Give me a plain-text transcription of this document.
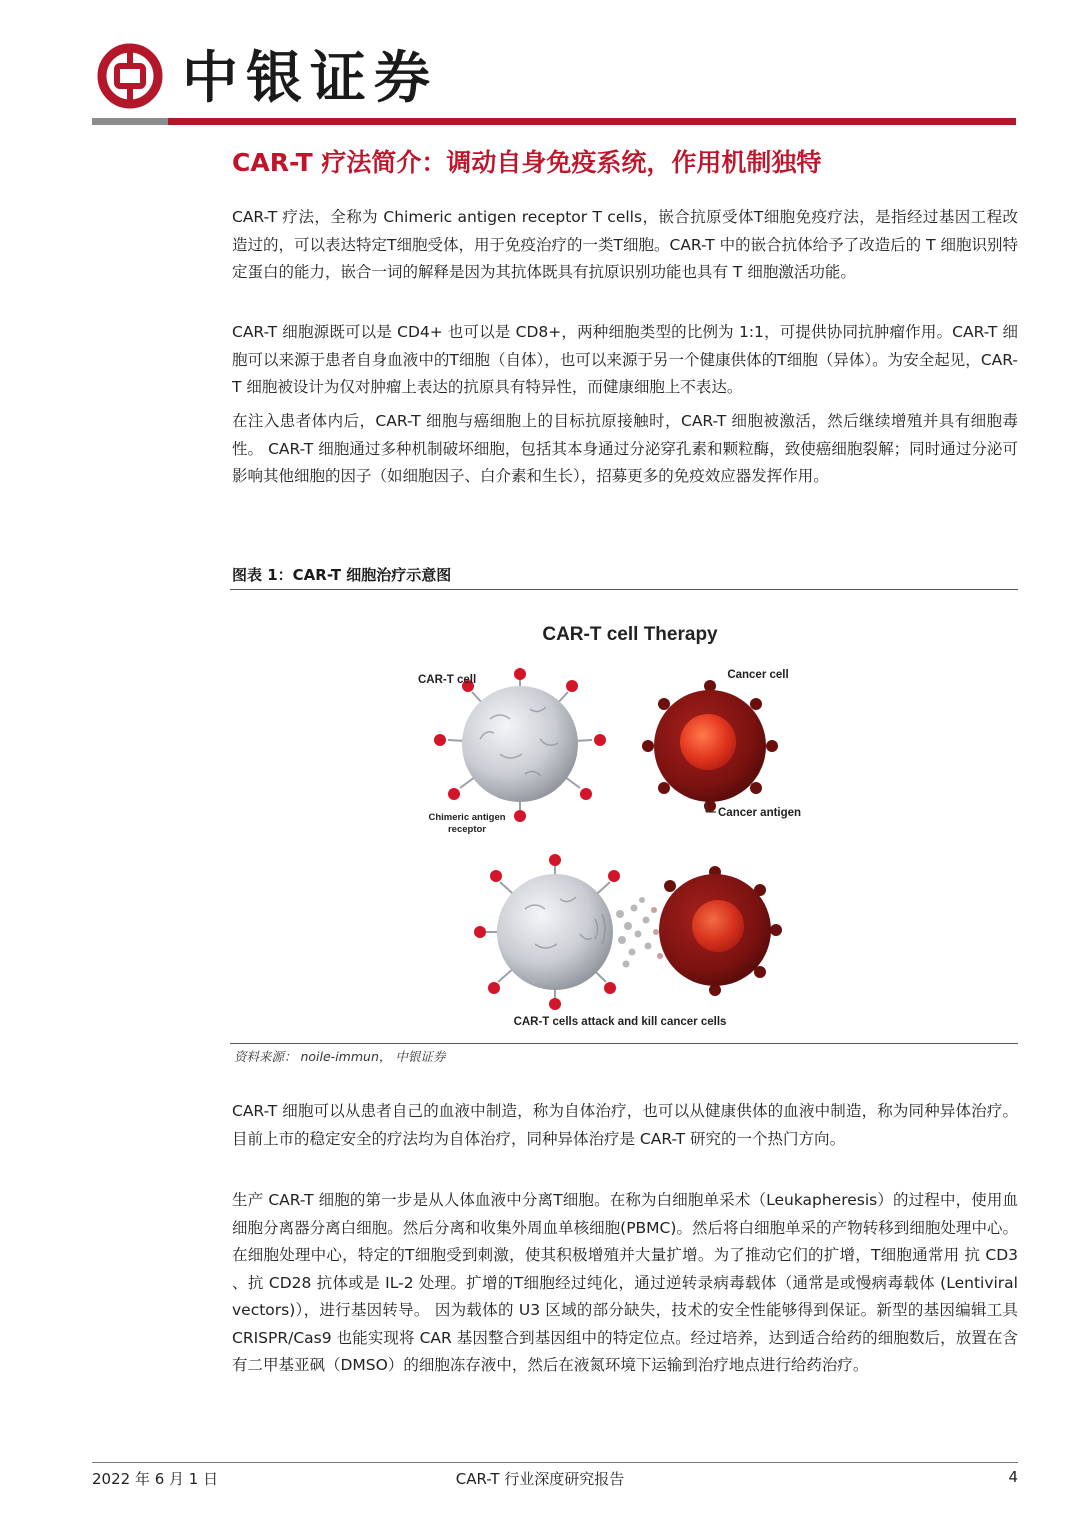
中银证券
CAR-T 疗法简介：调动自身免疫系统，作用机制独特

CAR-T 疗法，全称为 Chimeric antigen receptor T cells，嵌合抗原受体T细胞免疫疗法，是指经过基因工程改造过的，可以表达特定T细胞受体，用于免疫治疗的一类T细胞。CAR-T 中的嵌合抗体给予了改造后的 T 细胞识别特定蛋白的能力，嵌合一词的解释是因为其抗体既具有抗原识别功能也具有 T 细胞激活功能。

CAR-T 细胞源既可以是 CD4+ 也可以是 CD8+，两种细胞类型的比例为 1:1，可提供协同抗肿瘤作用。CAR-T 细胞可以来源于患者自身血液中的T细胞（自体），也可以来源于另一个健康供体的T细胞（异体）。为安全起见，CAR-T 细胞被设计为仅对肿瘤上表达的抗原具有特异性，而健康细胞上不表达。

在注入患者体内后，CAR-T 细胞与癌细胞上的目标抗原接触时，CAR-T 细胞被激活，然后继续增殖并具有细胞毒性。 CAR-T 细胞通过多种机制破坏细胞，包括其本身通过分泌穿孔素和颗粒酶，致使癌细胞裂解；同时通过分泌可影响其他细胞的因子（如细胞因子、白介素和生长），招募更多的免疫效应器发挥作用。

图表 1：CAR-T 细胞治疗示意图
CAR-T cell Therapy
CAR-T cell
Chimeric antigen
receptor
Cancer cell
Cancer antigen
CAR-T cells attack and kill cancer cells
资料来源： noile-immun， 中银证券

CAR-T 细胞可以从患者自己的血液中制造，称为自体治疗，也可以从健康供体的血液中制造，称为同种异体治疗。目前上市的稳定安全的疗法均为自体治疗，同种异体治疗是 CAR-T 研究的一个热门方向。

生产 CAR-T 细胞的第一步是从人体血液中分离T细胞。在称为白细胞单采术（Leukapheresis）的过程中，使用血细胞分离器分离白细胞。然后分离和收集外周血单核细胞(PBMC)。然后将白细胞单采的产物转移到细胞处理中心。 在细胞处理中心，特定的T细胞受到刺激，使其积极增殖并大量扩增。为了推动它们的扩增，T细胞通常用 抗 CD3 、抗 CD28 抗体或是 IL-2 处理。扩增的T细胞经过纯化，通过逆转录病毒载体（通常是或慢病毒载体 (Lentiviral vectors)），进行基因转导。 因为载体的 U3 区域的部分缺失，技术的安全性能够得到保证。新型的基因编辑工具 CRISPR/Cas9 也能实现将 CAR 基因整合到基因组中的特定位点。经过培养，达到适合给药的细胞数后，放置在含有二甲基亚砜（DMSO）的细胞冻存液中，然后在液氮环境下运输到治疗地点进行给药治疗。

2022 年 6 月 1 日	CAR-T 行业深度研究报告	4
